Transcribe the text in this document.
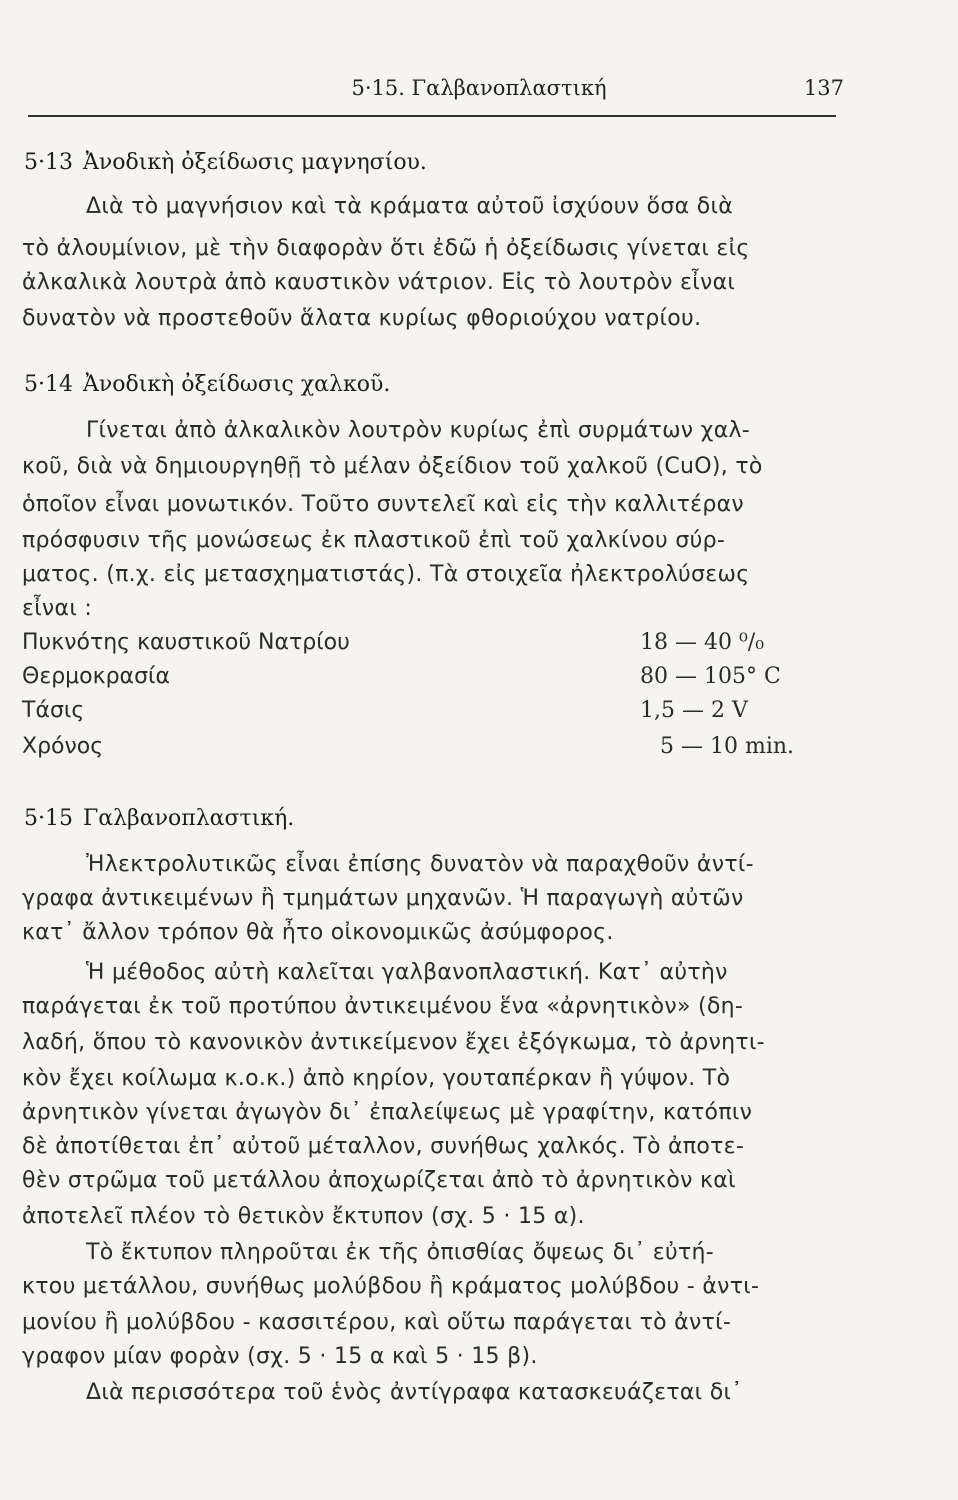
5·15. Γαλβανοπλαστική	137
5·13 Ἀνοδικὴ ὀξείδωσις μαγνησίου.
Διὰ τὸ μαγνήσιον καὶ τὰ κράματα αὐτοῦ ἰσχύουν ὅσα διὰ
τὸ ἀλουμίνιον, μὲ τὴν διαφορὰν ὅτι ἐδῶ ἡ ὀξείδωσις γίνεται εἰς
ἀλκαλικὰ λουτρὰ ἀπὸ καυστικὸν νάτριον. Εἰς τὸ λουτρὸν εἶναι
δυνατὸν νὰ προστεθοῦν ἅλατα κυρίως φθοριούχου νατρίου.
5·14 Ἀνοδικὴ ὀξείδωσις χαλκοῦ.
Γίνεται ἀπὸ ἀλκαλικὸν λουτρὸν κυρίως ἐπὶ συρμάτων χαλ-
κοῦ, διὰ νὰ δημιουργηθῇ τὸ μέλαν ὀξείδιον τοῦ χαλκοῦ (CuO), τὸ
ὁποῖον εἶναι μονωτικόν. Τοῦτο συντελεῖ καὶ εἰς τὴν καλλιτέραν
πρόσφυσιν τῆς μονώσεως ἐκ πλαστικοῦ ἐπὶ τοῦ χαλκίνου σύρ-
ματος. (π.χ. εἰς μετασχηματιστάς). Τὰ στοιχεῖα ἠλεκτρολύσεως
εἶναι :
Πυκνότης καυστικοῦ Νατρίου	18 — 40 ⁰/₀
Θερμοκρασία	80 — 105° C
Τάσις	1,5 — 2 V
Χρόνος	5 — 10 min.
5·15 Γαλβανοπλαστική.
Ἠλεκτρολυτικῶς εἶναι ἐπίσης δυνατὸν νὰ παραχθοῦν ἀντί-
γραφα ἀντικειμένων ἢ τμημάτων μηχανῶν. Ἡ παραγωγὴ αὐτῶν
κατ᾽ ἄλλον τρόπον θὰ ἦτο οἰκονομικῶς ἀσύμφορος.
Ἡ μέθοδος αὐτὴ καλεῖται γαλβανοπλαστική. Κατ᾽ αὐτὴν
παράγεται ἐκ τοῦ προτύπου ἀντικειμένου ἕνα «ἀρνητικὸν» (δη-
λαδή, ὅπου τὸ κανονικὸν ἀντικείμενον ἔχει ἐξόγκωμα, τὸ ἀρνητι-
κὸν ἔχει κοίλωμα κ.ο.κ.) ἀπὸ κηρίον, γουταπέρκαν ἢ γύψον. Τὸ
ἀρνητικὸν γίνεται ἀγωγὸν δι᾽ ἐπαλείψεως μὲ γραφίτην, κατόπιν
δὲ ἀποτίθεται ἐπ᾽ αὐτοῦ μέταλλον, συνήθως χαλκός. Τὸ ἀποτε-
θὲν στρῶμα τοῦ μετάλλου ἀποχωρίζεται ἀπὸ τὸ ἀρνητικὸν καὶ
ἀποτελεῖ πλέον τὸ θετικὸν ἔκτυπον (σχ. 5 · 15 α).
Τὸ ἔκτυπον πληροῦται ἐκ τῆς ὀπισθίας ὄψεως δι᾽ εὐτή-
κτου μετάλλου, συνήθως μολύβδου ἢ κράματος μολύβδου - ἀντι-
μονίου ἢ μολύβδου - κασσιτέρου, καὶ οὕτω παράγεται τὸ ἀντί-
γραφον μίαν φορὰν (σχ. 5 · 15 α καὶ 5 · 15 β).
Διὰ περισσότερα τοῦ ἑνὸς ἀντίγραφα κατασκευάζεται δι᾽
